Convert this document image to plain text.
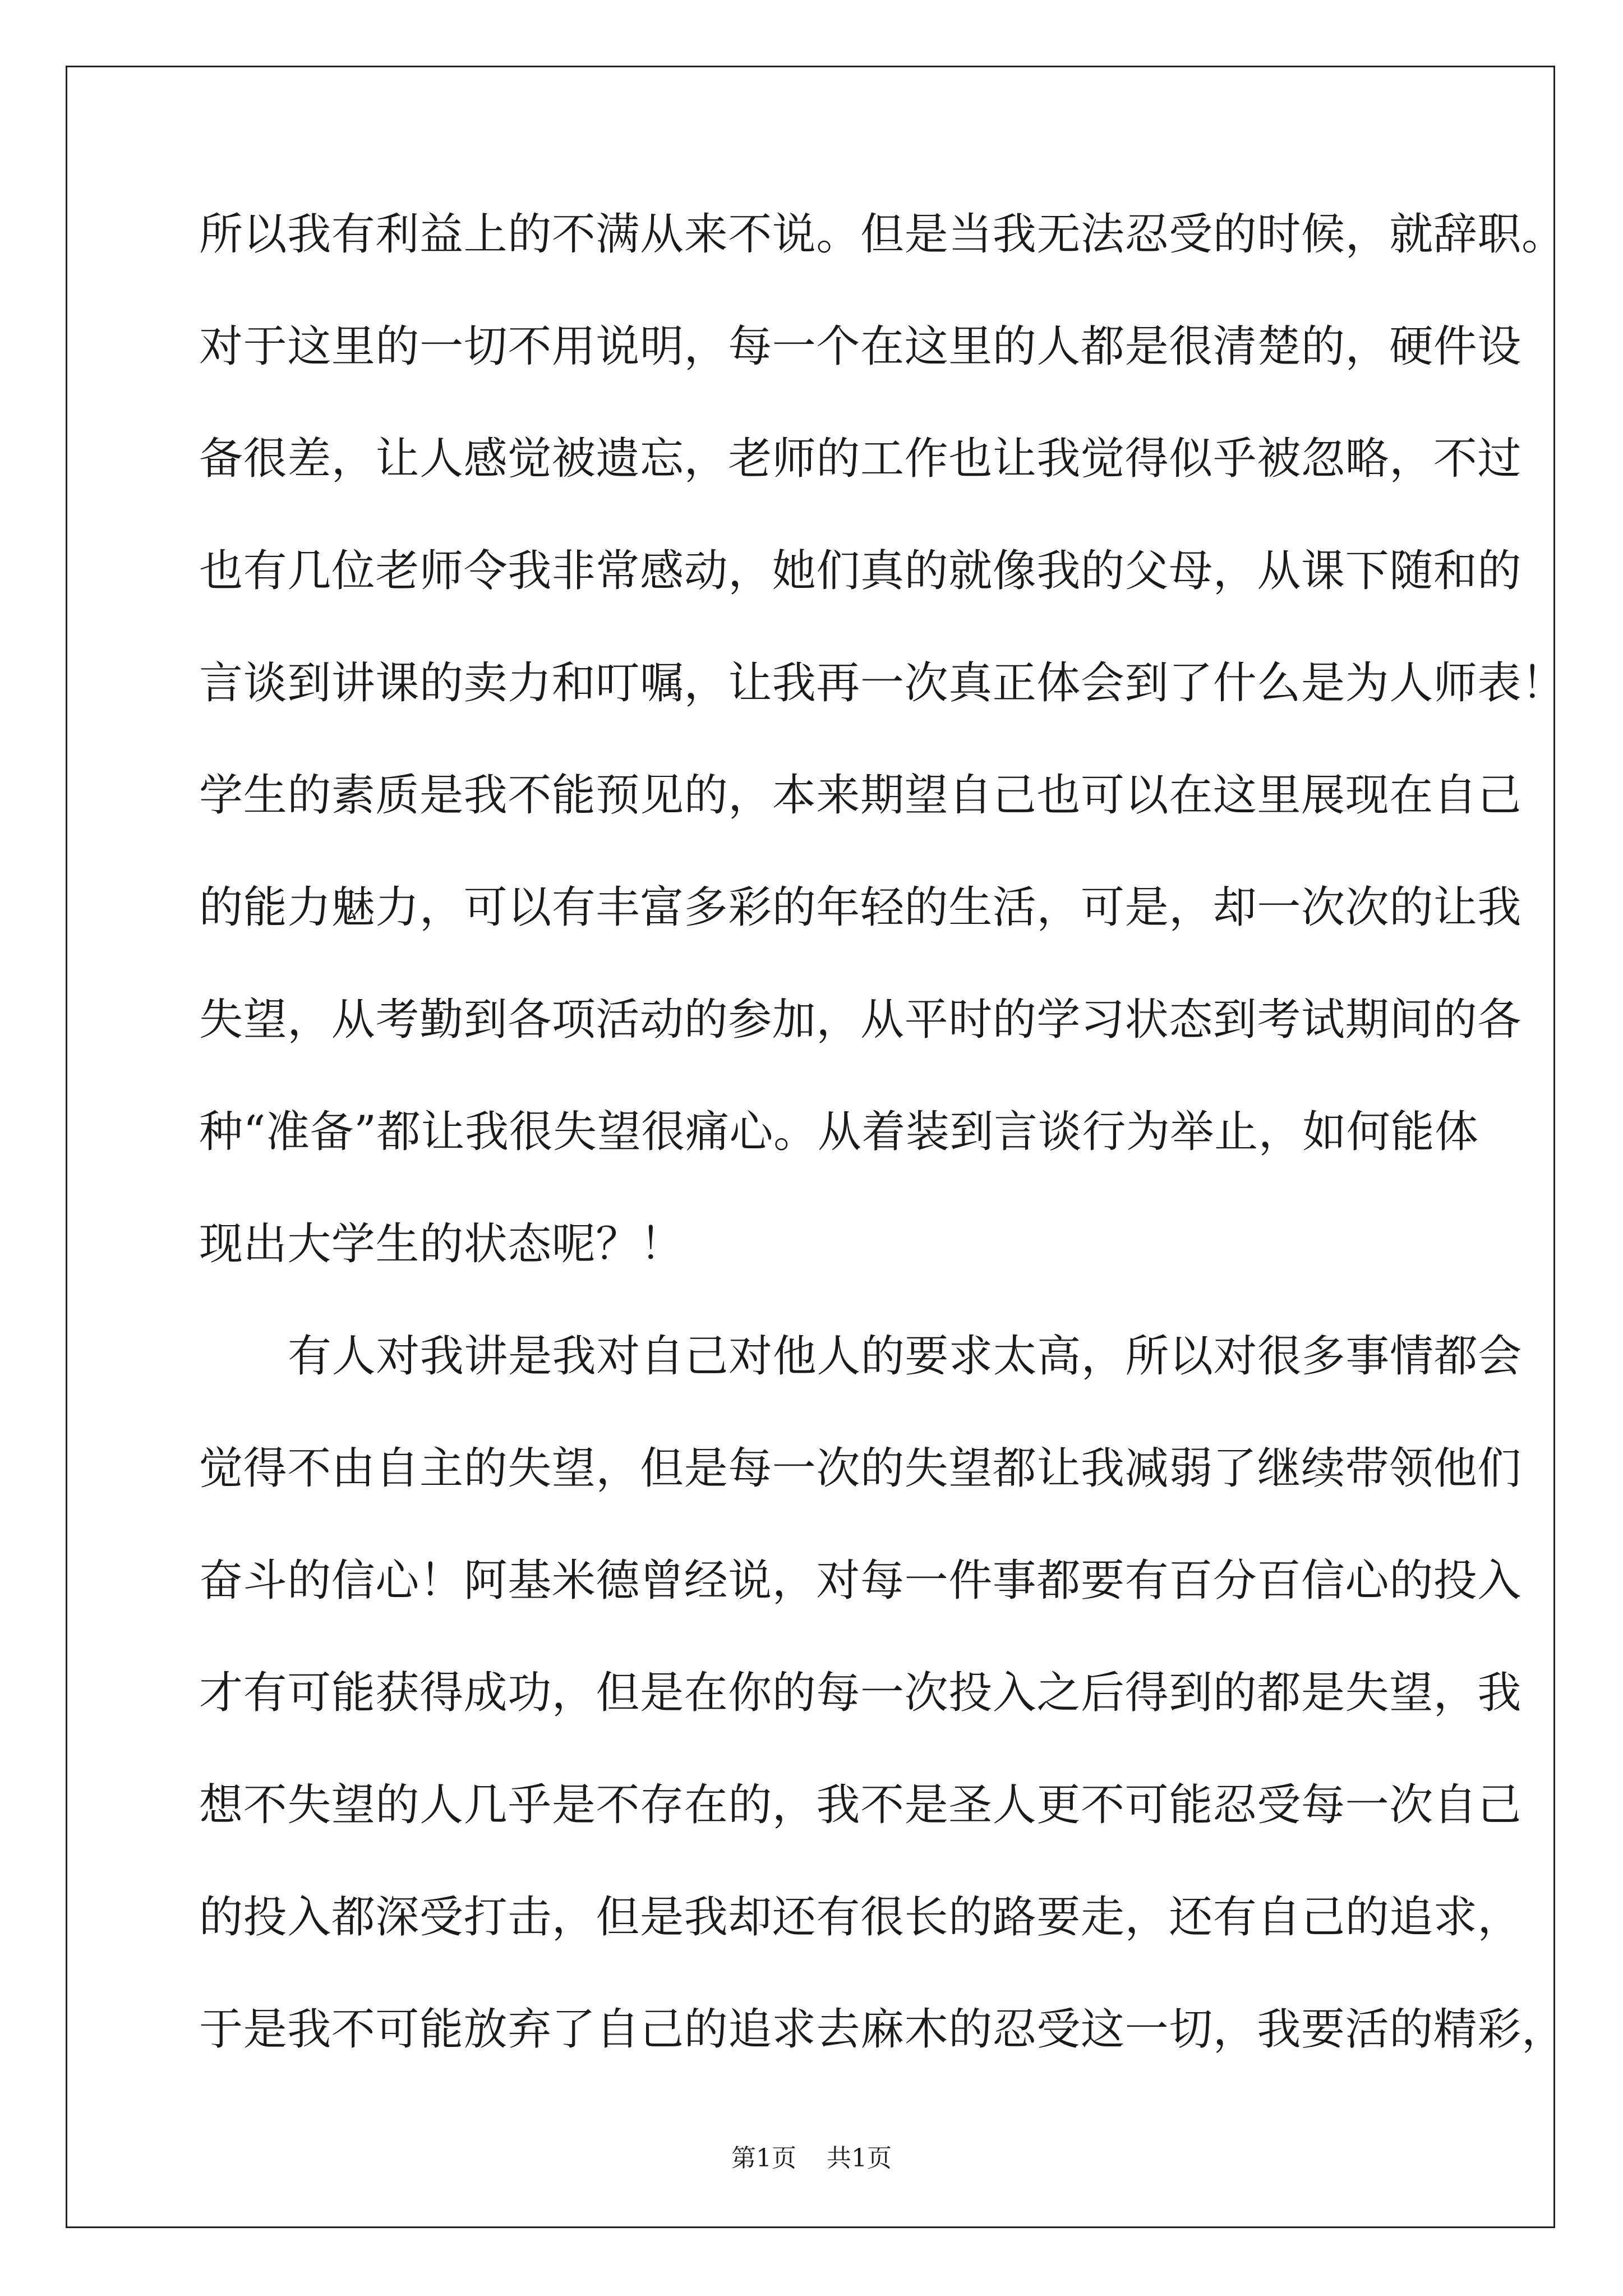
所以我有利益上的不满从来不说。但是当我无法忍受的时候，就辞职。
对于这里的一切不用说明，每一个在这里的人都是很清楚的，硬件设
备很差，让人感觉被遗忘，老师的工作也让我觉得似乎被忽略，不过
也有几位老师令我非常感动，她们真的就像我的父母，从课下随和的
言谈到讲课的卖力和叮嘱，让我再一次真正体会到了什么是为人师表！
学生的素质是我不能预见的，本来期望自己也可以在这里展现在自己
的能力魅力，可以有丰富多彩的年轻的生活，可是，却一次次的让我
失望，从考勤到各项活动的参加，从平时的学习状态到考试期间的各
种“准备”都让我很失望很痛心。从着装到言谈行为举止，如何能体
现出大学生的状态呢？！
有人对我讲是我对自己对他人的要求太高，所以对很多事情都会
觉得不由自主的失望，但是每一次的失望都让我减弱了继续带领他们
奋斗的信心！阿基米德曾经说，对每一件事都要有百分百信心的投入
才有可能获得成功，但是在你的每一次投入之后得到的都是失望，我
想不失望的人几乎是不存在的，我不是圣人更不可能忍受每一次自己
的投入都深受打击，但是我却还有很长的路要走，还有自己的追求，
于是我不可能放弃了自己的追求去麻木的忍受这一切，我要活的精彩，
第1页 共1页
